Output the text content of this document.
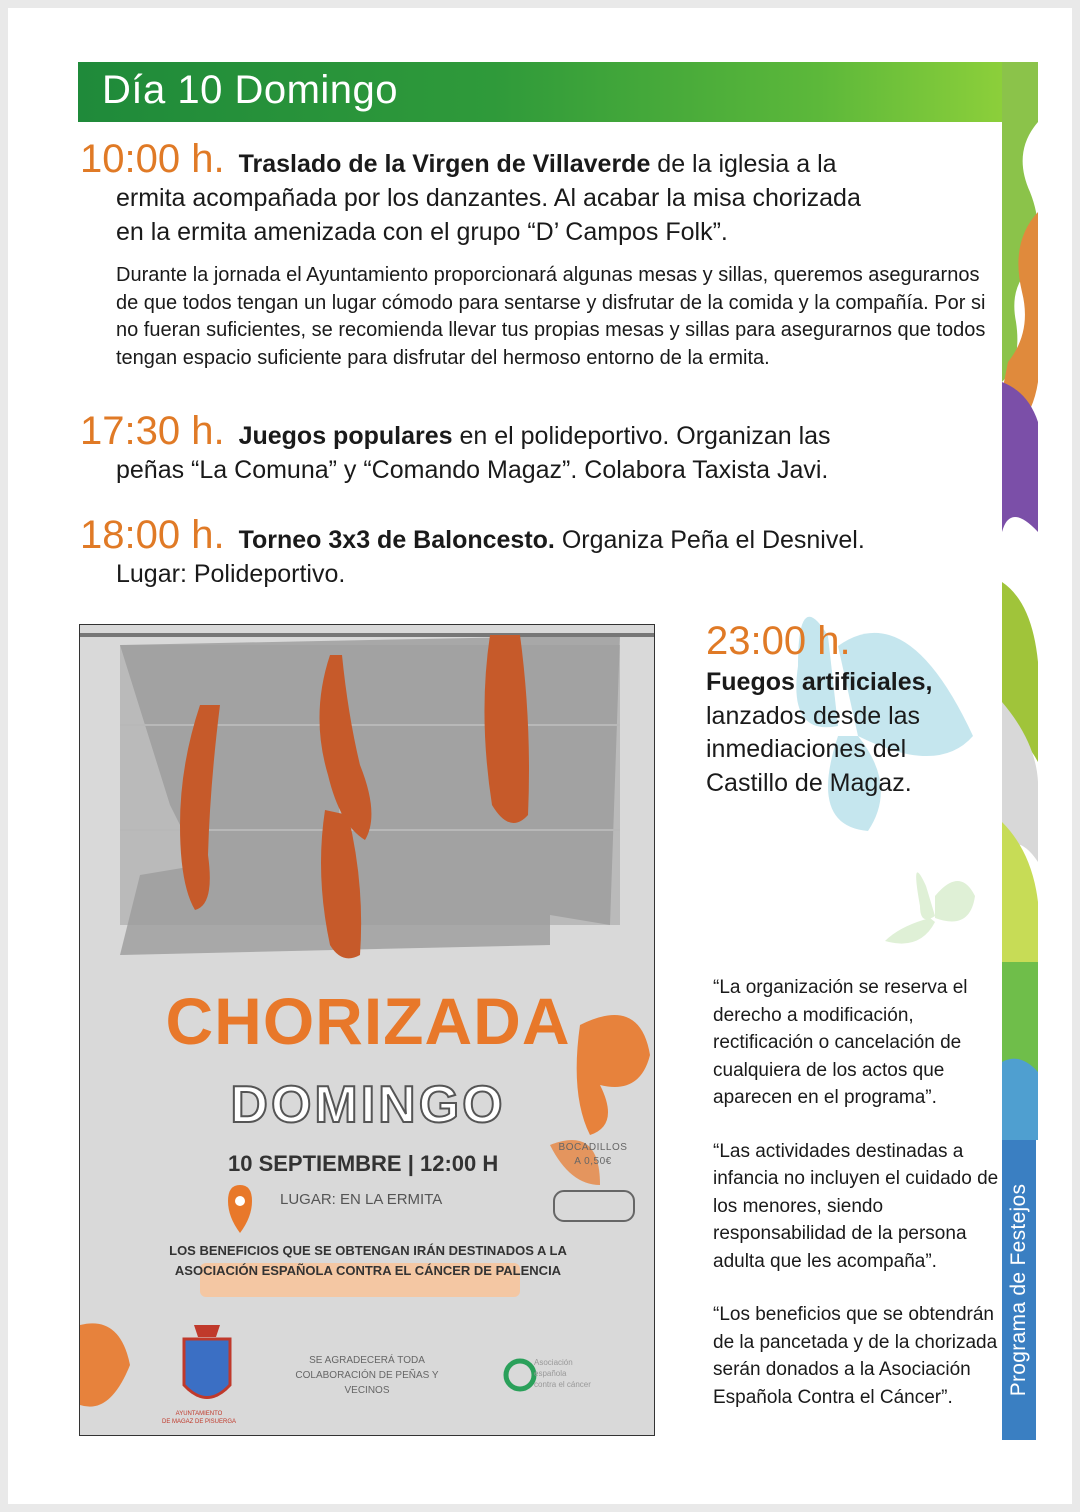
Día 10 Domingo
Programa de Festejos
10:00 h. Traslado de la Virgen de Villaverde de la iglesia a la
ermita acompañada por los danzantes. Al acabar la misa chorizada
en la ermita amenizada con el grupo “D’ Campos Folk”.
Durante la jornada el Ayuntamiento proporcionará algunas mesas y sillas, queremos asegurarnos de que todos tengan un lugar cómodo para sentarse y disfrutar de la comida y la compañía. Por si no fueran suficientes, se recomienda llevar tus propias mesas y sillas para asegurarnos que todos tengan espacio suficiente para disfrutar del hermoso entorno de la ermita.
17:30 h. Juegos populares en el polideportivo. Organizan las
peñas “La Comuna” y “Comando Magaz”. Colabora Taxista Javi.
18:00 h. Torneo 3x3 de Baloncesto. Organiza Peña el Desnivel.
Lugar: Polideportivo.
CHORIZADA
DOMINGO
10 SEPTIEMBRE | 12:00 H
LUGAR: EN LA ERMITA
BOCADILLOS
A 0,50€
LOS BENEFICIOS QUE SE OBTENGAN IRÁN DESTINADOS A LA
ASOCIACIÓN ESPAÑOLA CONTRA EL CÁNCER DE PALENCIA
SE AGRADECERÁ TODA
COLABORACIÓN DE PEÑAS Y
VECINOS
Asociación
española
contra el cáncer
AYUNTAMIENTO
DE MAGAZ DE PISUERGA
23:00 h.
Fuegos artificiales,
lanzados desde las
inmediaciones del
Castillo de Magaz.
“La organización se reserva el derecho a modificación, rectificación o cancelación de cualquiera de los actos que aparecen en el programa”.
“Las actividades destinadas a infancia no incluyen el cuidado de los menores, siendo responsabilidad de la persona adulta que les acompaña”.
“Los beneficios que se obtendrán de la pancetada y de la chorizada serán donados a la Asociación Española Contra el Cáncer”.
